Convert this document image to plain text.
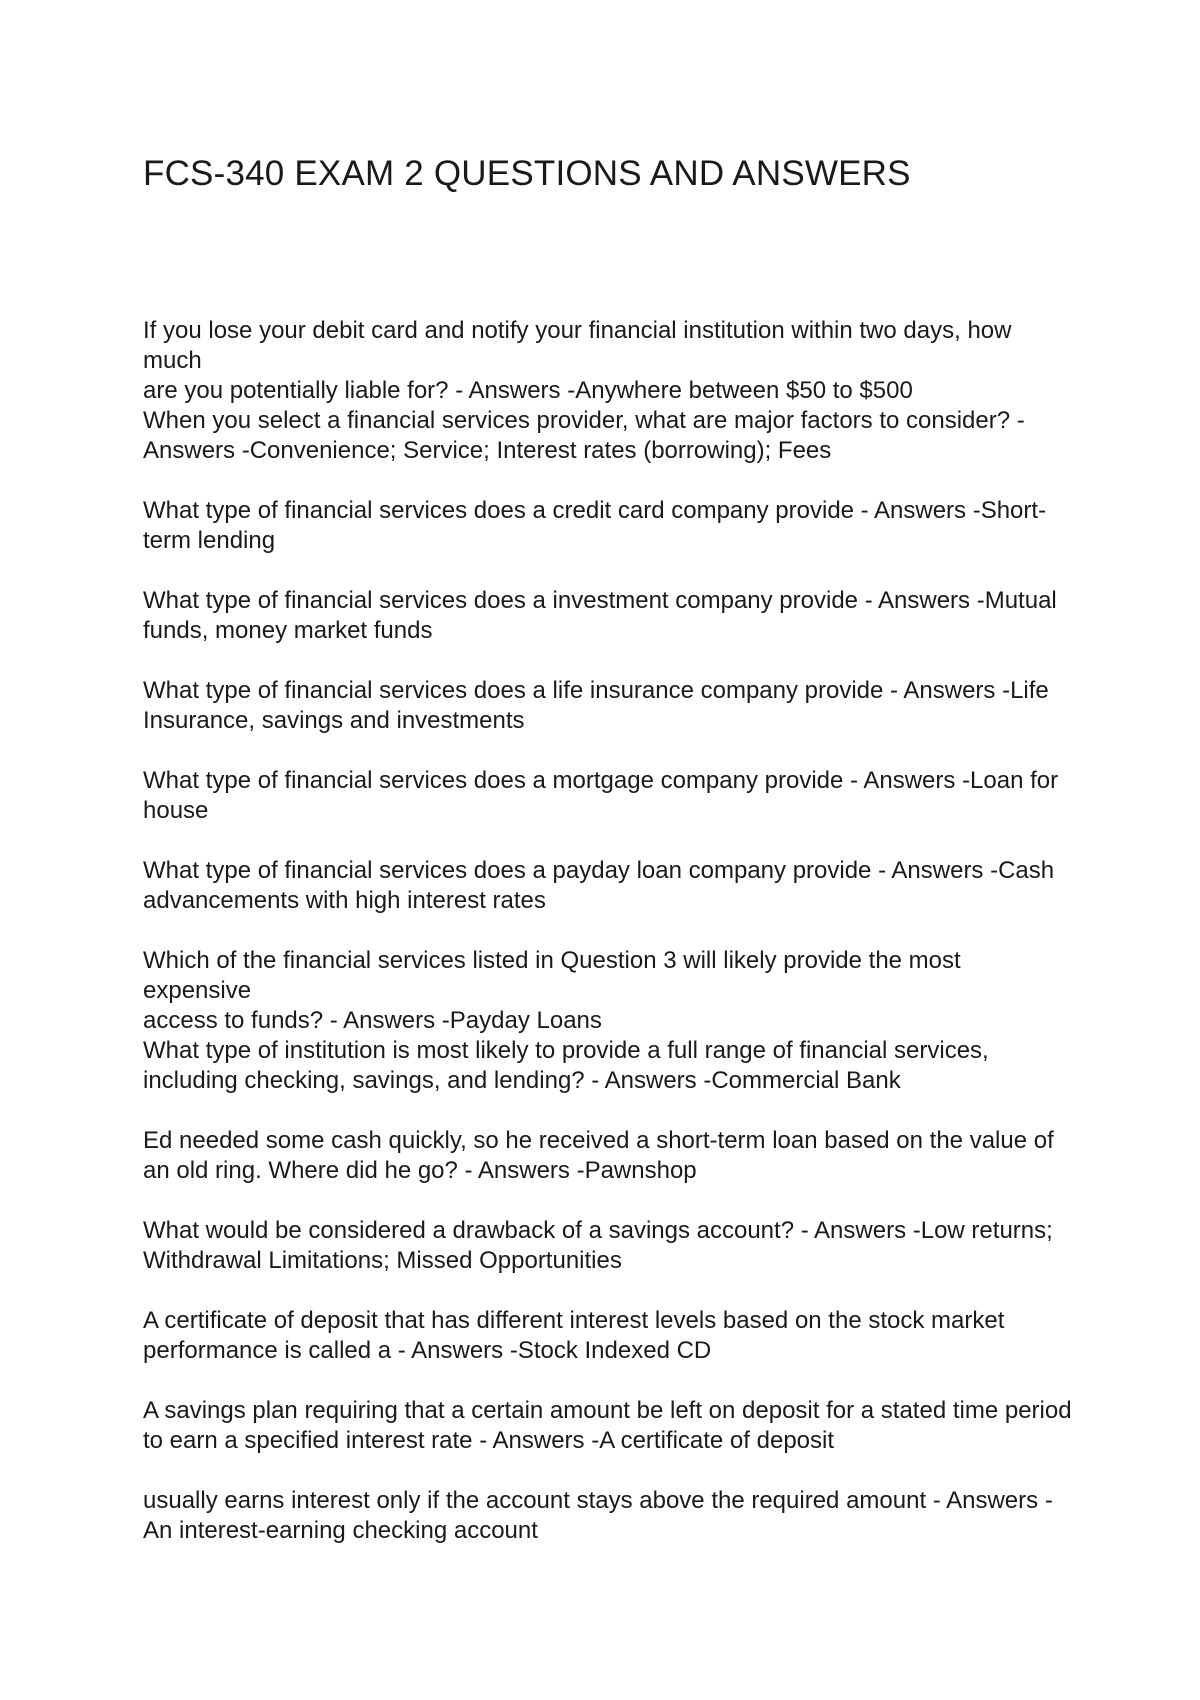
FCS-340 EXAM 2 QUESTIONS AND ANSWERS

If you lose your debit card and notify your financial institution within two days, how much
are you potentially liable for? - Answers -Anywhere between $50 to $500

When you select a financial services provider, what are major factors to consider? -
Answers -Convenience; Service; Interest rates (borrowing); Fees

What type of financial services does a credit card company provide - Answers -Short-
term lending

What type of financial services does a investment company provide - Answers -Mutual
funds, money market funds

What type of financial services does a life insurance company provide - Answers -Life
Insurance, savings and investments

What type of financial services does a mortgage company provide - Answers -Loan for
house

What type of financial services does a payday loan company provide - Answers -Cash
advancements with high interest rates

Which of the financial services listed in Question 3 will likely provide the most expensive
access to funds? - Answers -Payday Loans

What type of institution is most likely to provide a full range of financial services,
including checking, savings, and lending? - Answers -Commercial Bank

Ed needed some cash quickly, so he received a short-term loan based on the value of
an old ring. Where did he go? - Answers -Pawnshop

What would be considered a drawback of a savings account? - Answers -Low returns;
Withdrawal Limitations; Missed Opportunities

A certificate of deposit that has different interest levels based on the stock market
performance is called a - Answers -Stock Indexed CD

A savings plan requiring that a certain amount be left on deposit for a stated time period
to earn a specified interest rate - Answers -A certificate of deposit

usually earns interest only if the account stays above the required amount - Answers -
An interest-earning checking account
